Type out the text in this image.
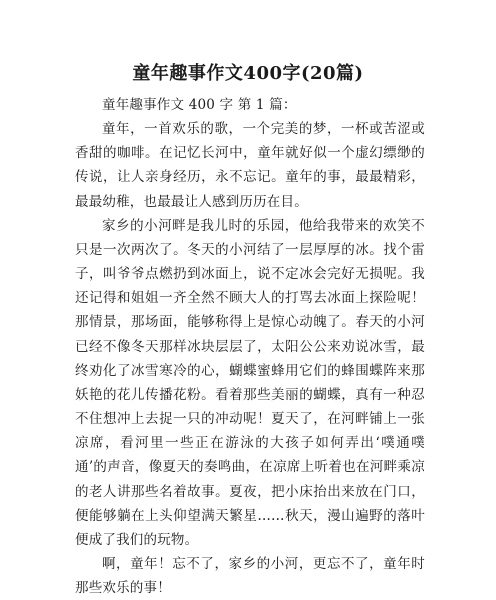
童年趣事作文400字(20篇)

童年趣事作文 400 字 第 1 篇：

童年，一首欢乐的歌，一个完美的梦，一杯或苦涩或香甜的咖啡。在记忆长河中，童年就好似一个虚幻缥缈的传说，让人亲身经历，永不忘记。童年的事，最最精彩，最最幼稚，也最最让人感到历历在目。

家乡的小河畔是我儿时的乐园，他给我带来的欢笑不只是一次两次了。冬天的小河结了一层厚厚的冰。找个雷子，叫爷爷点燃扔到冰面上，说不定冰会完好无损呢。我还记得和姐姐一齐全然不顾大人的打骂去冰面上探险呢！那情景，那场面，能够称得上是惊心动魄了。春天的小河已经不像冬天那样冰块层层了，太阳公公来劝说冰雪，最终劝化了冰雪寒冷的心，蝴蝶蜜蜂用它们的蜂围蝶阵来那妖艳的花儿传播花粉。看着那些美丽的蝴蝶，真有一种忍不住想冲上去捉一只的冲动呢！夏天了，在河畔铺上一张凉席，看河里一些正在游泳的大孩子如何弄出‘噗通噗通’的声音，像夏天的奏鸣曲，在凉席上听着也在河畔乘凉的老人讲那些名着故事。夏夜，把小床抬出来放在门口，便能够躺在上头仰望满天繁星……秋天，漫山遍野的落叶便成了我们的玩物。

啊，童年！忘不了，家乡的小河，更忘不了，童年时那些欢乐的事！
